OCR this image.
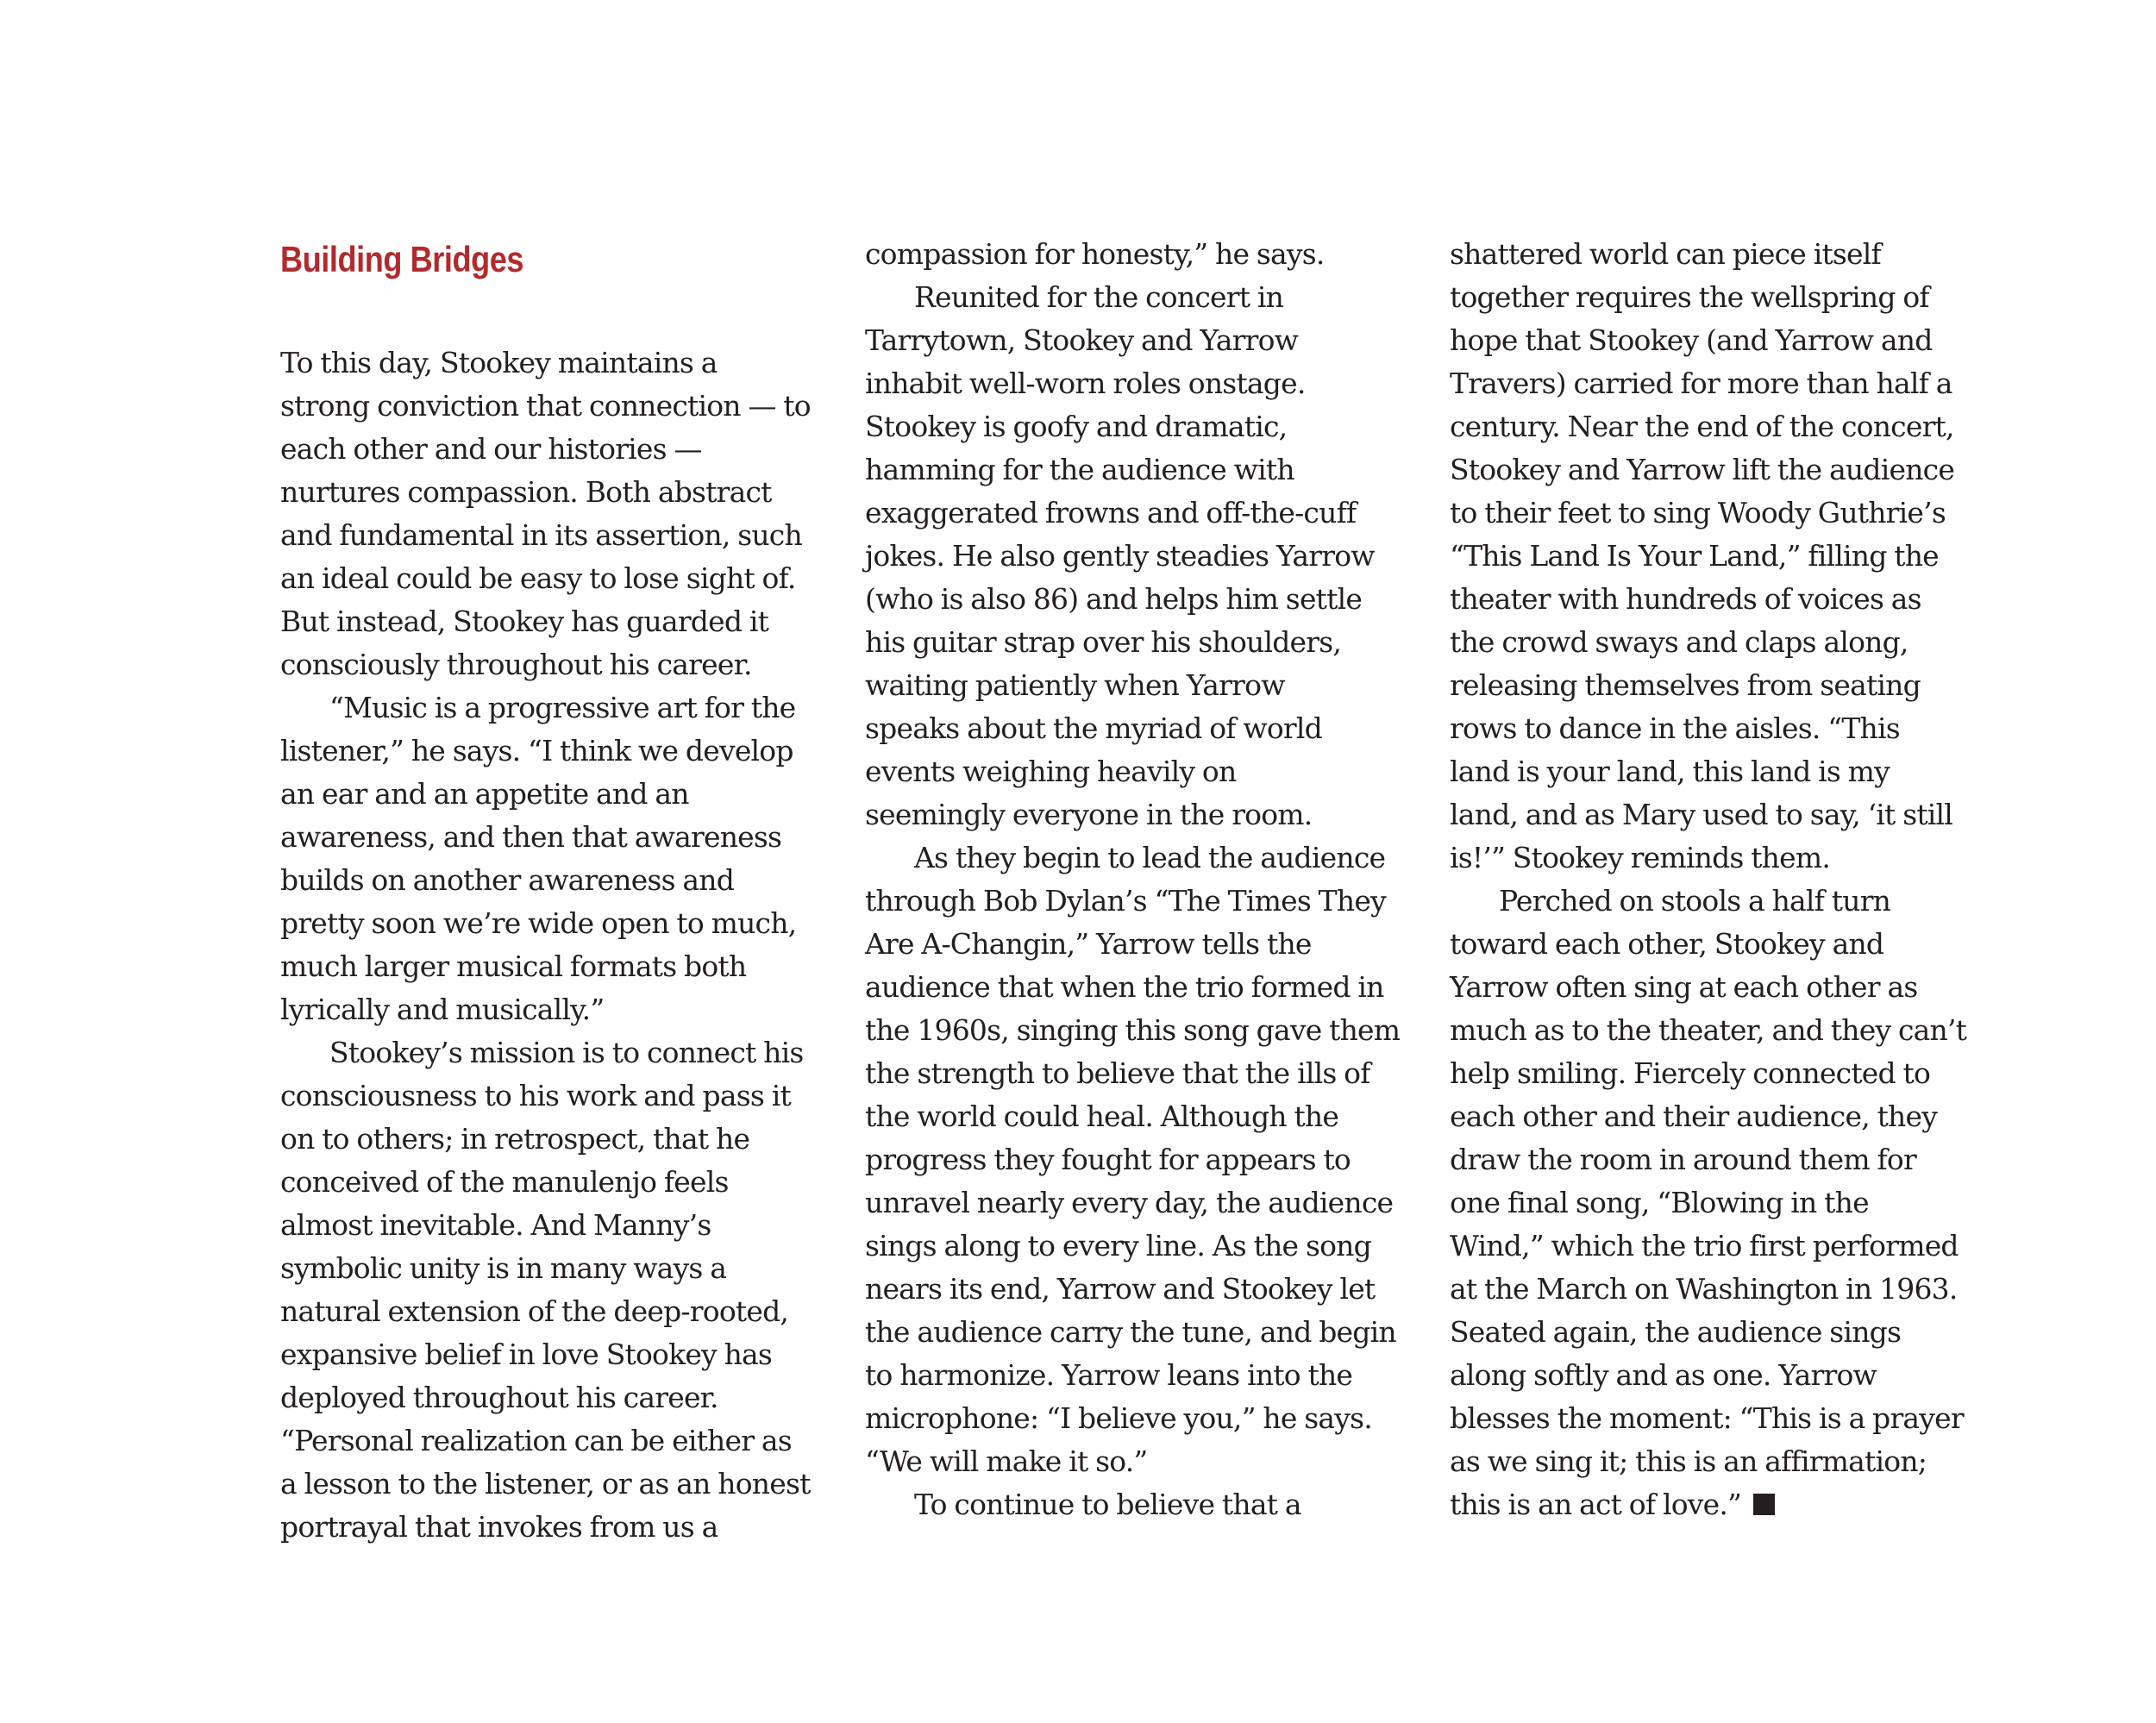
Building Bridges
To this day, Stookey maintains a
strong conviction that connection — to
each other and our histories —
nurtures compassion. Both abstract
and fundamental in its assertion, such
an ideal could be easy to lose sight of.
But instead, Stookey has guarded it
consciously throughout his career.
“Music is a progressive art for the
listener,” he says. “I think we develop
an ear and an appetite and an
awareness, and then that awareness
builds on another awareness and
pretty soon we’re wide open to much,
much larger musical formats both
lyrically and musically.”
Stookey’s mission is to connect his
consciousness to his work and pass it
on to others; in retrospect, that he
conceived of the manulenjo feels
almost inevitable. And Manny’s
symbolic unity is in many ways a
natural extension of the deep-rooted,
expansive belief in love Stookey has
deployed throughout his career.
“Personal realization can be either as
a lesson to the listener, or as an honest
portrayal that invokes from us a
compassion for honesty,” he says.
Reunited for the concert in
Tarrytown, Stookey and Yarrow
inhabit well-worn roles onstage.
Stookey is goofy and dramatic,
hamming for the audience with
exaggerated frowns and off-the-cuff
jokes. He also gently steadies Yarrow
(who is also 86) and helps him settle
his guitar strap over his shoulders,
waiting patiently when Yarrow
speaks about the myriad of world
events weighing heavily on
seemingly everyone in the room.
As they begin to lead the audience
through Bob Dylan’s “The Times They
Are A-Changin,” Yarrow tells the
audience that when the trio formed in
the 1960s, singing this song gave them
the strength to believe that the ills of
the world could heal. Although the
progress they fought for appears to
unravel nearly every day, the audience
sings along to every line. As the song
nears its end, Yarrow and Stookey let
the audience carry the tune, and begin
to harmonize. Yarrow leans into the
microphone: “I believe you,” he says.
“We will make it so.”
To continue to believe that a
shattered world can piece itself
together requires the wellspring of
hope that Stookey (and Yarrow and
Travers) carried for more than half a
century. Near the end of the concert,
Stookey and Yarrow lift the audience
to their feet to sing Woody Guthrie’s
“This Land Is Your Land,” filling the
theater with hundreds of voices as
the crowd sways and claps along,
releasing themselves from seating
rows to dance in the aisles. “This
land is your land, this land is my
land, and as Mary used to say, ‘it still
is!’” Stookey reminds them.
Perched on stools a half turn
toward each other, Stookey and
Yarrow often sing at each other as
much as to the theater, and they can’t
help smiling. Fiercely connected to
each other and their audience, they
draw the room in around them for
one final song, “Blowing in the
Wind,” which the trio first performed
at the March on Washington in 1963.
Seated again, the audience sings
along softly and as one. Yarrow
blesses the moment: “This is a prayer
as we sing it; this is an affirmation;
this is an act of love.”
